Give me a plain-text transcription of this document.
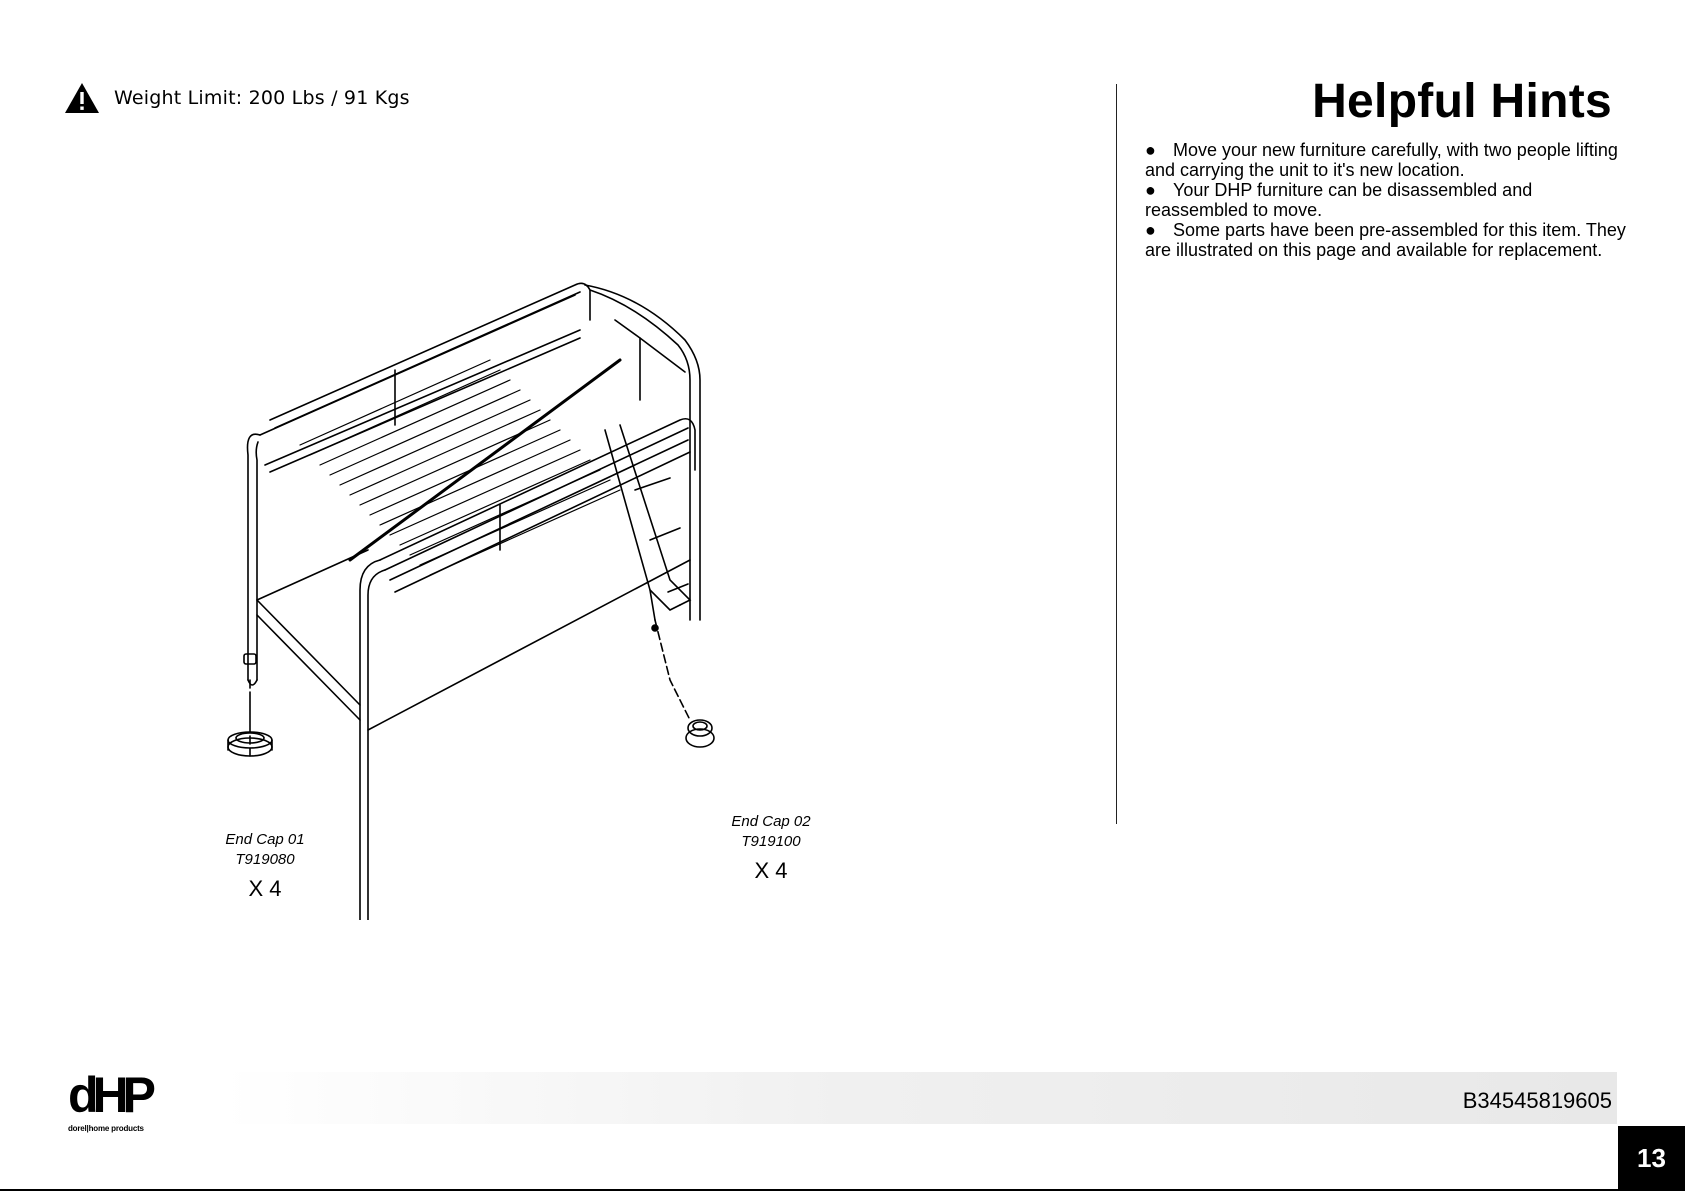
Weight Limit: 200 Lbs / 91 Kgs
End Cap 01
T919080
X 4
End Cap 02
T919100
X 4
Helpful Hints

● Move your new furniture carefully, with two people lifting and carrying the unit to it's new location.

● Your DHP furniture can be disassembled and reassembled to move.

● Some parts have been pre-assembled for this item. They are illustrated on this page and available for replacement.

dHP
dorel|home products
B34545819605
13
